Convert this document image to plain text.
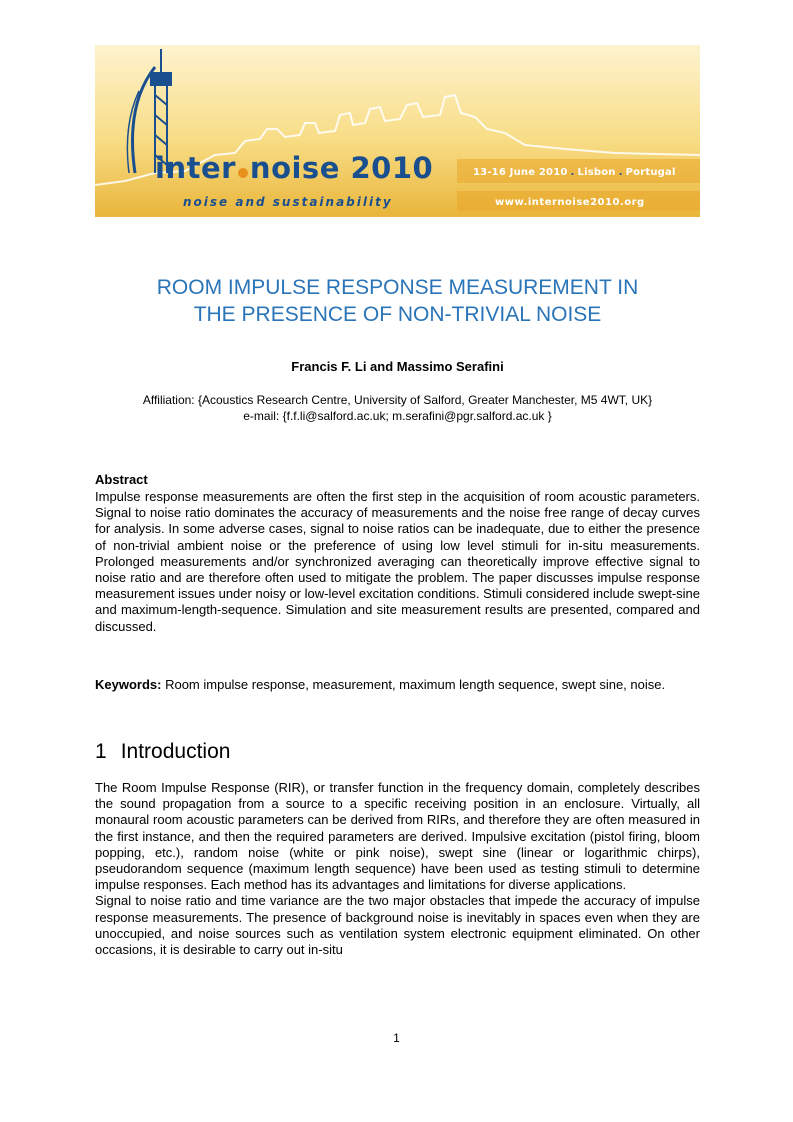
inter noise 2010	13-16 June 2010 . Lisbon . Portugal
noise and sustainability	www.internoise2010.org
ROOM IMPULSE RESPONSE MEASUREMENT IN
THE PRESENCE OF NON-TRIVIAL NOISE
Francis F. Li and Massimo Serafini
Affiliation: {Acoustics Research Centre, University of Salford, Greater Manchester, M5 4WT, UK}
e-mail: {f.f.li@salford.ac.uk; m.serafini@pgr.salford.ac.uk }
Abstract
Impulse response measurements are often the first step in the acquisition of room acoustic parameters. Signal to noise ratio dominates the accuracy of measurements and the noise free range of decay curves for analysis. In some adverse cases, signal to noise ratios can be inadequate, due to either the presence of non-trivial ambient noise or the preference of using low level stimuli for in-situ measurements. Prolonged measurements and/or synchronized averaging can theoretically improve effective signal to noise ratio and are therefore often used to mitigate the problem. The paper discusses impulse response measurement issues under noisy or low-level excitation conditions. Stimuli considered include swept-sine and maximum-length-sequence. Simulation and site measurement results are presented, compared and discussed.
Keywords: Room impulse response, measurement, maximum length sequence, swept sine, noise.
1 Introduction

The Room Impulse Response (RIR), or transfer function in the frequency domain, completely describes the sound propagation from a source to a specific receiving position in an enclosure. Virtually, all monaural room acoustic parameters can be derived from RIRs, and therefore they are often measured in the first instance, and then the required parameters are derived. Impulsive excitation (pistol firing, bloom popping, etc.), random noise (white or pink noise), swept sine (linear or logarithmic chirps), pseudorandom sequence (maximum length sequence) have been used as testing stimuli to determine impulse responses. Each method has its advantages and limitations for diverse applications.

Signal to noise ratio and time variance are the two major obstacles that impede the accuracy of impulse response measurements. The presence of background noise is inevitably in spaces even when they are unoccupied, and noise sources such as ventilation system electronic equipment eliminated. On other occasions, it is desirable to carry out in-situ

1
